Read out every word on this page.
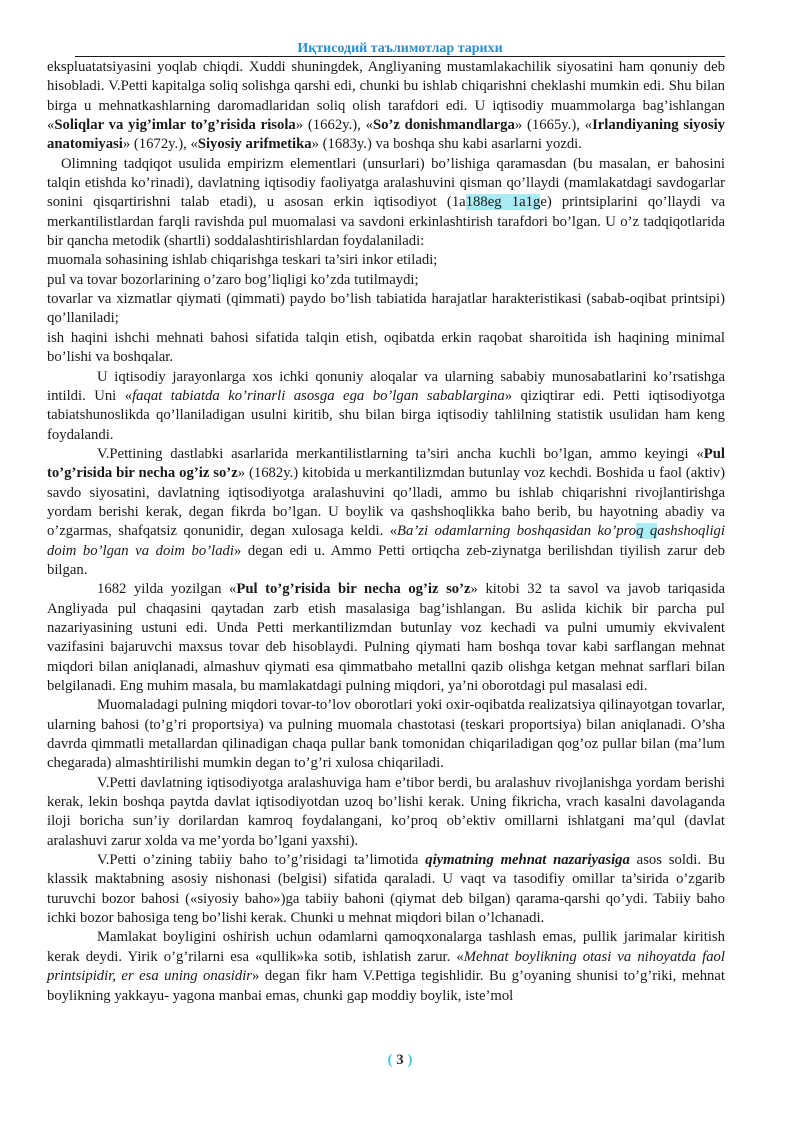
Иқтисодий таълимотлар тарихи

ekspluаtatsiyasini yoqlab chiqdi. Xuddi shuningdek, Angliyaning mustamlakachilik siyosatini ham qonuniy deb hisobladi. V.Petti kapitalga soliq solishga qarshi edi, chunki bu ishlab chiqarishni cheklashi mumkin edi. Shu bilan birga u mehnatkashlarning daromadlaridan soliq olish tarafdori edi. U iqtisodiy muammolarga bag’ishlangan «Soliqlar va yig’imlar to’g’risida risola» (1662y.), «So’z donishmandlarga» (1665y.), «Irlandiyaning siyosiy anatomiyasi» (1672y.), «Siyosiy arifmetika» (1683y.) va boshqa shu kabi asarlarni yozdi.

Olimning tadqiqot usulida empirizm elementlari (unsurlari) bo’lishiga qaramasdan (bu masalan, er bahosini talqin etishda ko’rinadi), davlatning iqtisodiy faoliyatga aralashuvini qisman qo’llaydi (mamlakatdagi savdogarlar sonini qisqartirishni talab etadi), u asosan erkin iqtisodiyot (1a188eg 1a1ge) printsiplarini qo’llaydi va merkantilistlardan farqli ravishda pul muomalasi va savdoni erkinlashtirish tarafdori bo’lgan. U o’z tadqiqotlarida bir qancha metodik (shartli) soddalashtirishlardan foydalaniladi:

muomala sohasining ishlab chiqarishga teskari ta’siri inkor etiladi;

pul va tovar bozorlarining o’zaro bog’liqligi ko’zda tutilmaydi;

tovarlar va xizmatlar qiymati (qimmati) paydo bo’lish tabiatida harajatlar harakteristikasi (sabab-oqibat printsipi) qo’llaniladi;

ish haqini ishchi mehnati bahosi sifatida talqin etish, oqibatda erkin raqobat sharoitida ish haqining minimal bo’lishi va boshqalar.

U iqtisodiy jarayonlarga xos ichki qonuniy aloqalar va ularning sababiy munosabatlarini ko’rsatishga intildi. Uni «faqat tabiatda ko’rinarli asosga ega bo’lgan sabablargina» qiziqtirar edi. Petti iqtisodiyotga tabiatshunoslikda qo’llaniladigan usulni kiritib, shu bilan birga iqtisodiy tahlilning statistik usulidan ham keng foydalandi.

V.Pettining dastlabki asarlarida merkantilistlarning ta’siri ancha kuchli bo’lgan, ammo keyingi «Pul to’g’risida bir necha og’iz so’z» (1682y.) kitobida u merkantilizmdan butunlay voz kechdi. Boshida u faol (aktiv) savdo siyosatini, davlatning iqtisodiyotga aralashuvini qo’lladi, ammo bu ishlab chiqarishni rivojlantirishga yordam berishi kerak, degan fikrda bo’lgan. U boylik va qashshoqlikka baho berib, bu hayotning abadiy va o’zgarmas, shafqatsiz qonunidir, degan xulosaga keldi. «Ba’zi odamlarning boshqasidan ko’proq qashshoqligi doim bo’lgan va doim bo’ladi» degan edi u. Ammo Petti ortiqcha zeb-ziynatga berilishdan tiyilish zarur deb bilgan.

1682 yilda yozilgan «Pul to’g’risida bir necha og’iz so’z» kitobi 32 ta savol va javob tariqasida Angliyada pul chaqasini qaytadan zarb etish masalasiga bag’ishlangan. Bu aslida kichik bir parcha pul nazariyasining ustuni edi. Unda Petti merkantilizmdan butunlay voz kechadi va pulni umumiy ekvivalent vazifasini bajaruvchi maxsus tovar deb hisoblaydi. Pulning qiymati ham boshqa tovar kabi sarflangan mehnat miqdori bilan aniqlanadi, almashuv qiymati esa qimmatbaho metallni qazib olishga ketgan mehnat sarflari bilan belgilanadi. Eng muhim masala, bu mamlakatdagi pulning miqdori, ya’ni oborotdagi pul masalasi edi.

Muomaladagi pulning miqdori tovar-to’lov oborotlari yoki oxir-oqibatda realizatsiya qilinayotgan tovarlar, ularning bahosi (to’g’ri proportsiya) va pulning muomala chastotasi (teskari proportsiya) bilan aniqlanadi. O’sha davrda qimmatli metallardan qilinadigan chaqa pullar bank tomonidan chiqariladigan qog’oz pullar bilan (ma’lum chegarada) almashtirilishi mumkin degan to’g’ri xulosa chiqariladi.

V.Petti davlatning iqtisodiyotga aralashuviga ham e’tibor berdi, bu aralashuv rivojlanishga yordam berishi kerak, lekin boshqa paytda davlat iqtisodiyotdan uzoq bo’lishi kerak. Uning fikricha, vrach kasalni davolaganda iloji boricha sun’iy dorilardan kamroq foydalangani, ko’proq ob’ektiv omillarni ishlatgani ma’qul (davlat aralashuvi zarur xolda va me’yorda bo’lgani yaxshi).

V.Petti o’zining tabiiy baho to’g’risidagi ta’limotida qiymatning mehnat nazariyasiga asos soldi. Bu klassik maktabning asosiy nishonasi (belgisi) sifatida qaraladi. U vaqt va tasodifiy omillar ta’sirida o’zgarib turuvchi bozor bahosi («siyosiy baho»)ga tabiiy bahoni (qiymat deb bilgan) qarama-qarshi qo’ydi. Tabiiy baho ichki bozor bahosiga teng bo’lishi kerak. Chunki u mehnat miqdori bilan o’lchanadi.

Mamlakat boyligini oshirish uchun odamlarni qamoqxonalarga tashlash emas, pullik jarimalar kiritish kerak deydi. Yirik o’g’rilarni esa «qullik»ka sotib, ishlatish zarur. «Mehnat boylikning otasi va nihoyatda faol printsipidir, er esa uning onasidir» degan fikr ham V.Pettiga tegishlidir. Bu g’oyaning shunisi to’g’riki, mehnat boylikning yakkayu- yagona manbai emas, chunki gap moddiy boylik, iste’mol

( 3 )
